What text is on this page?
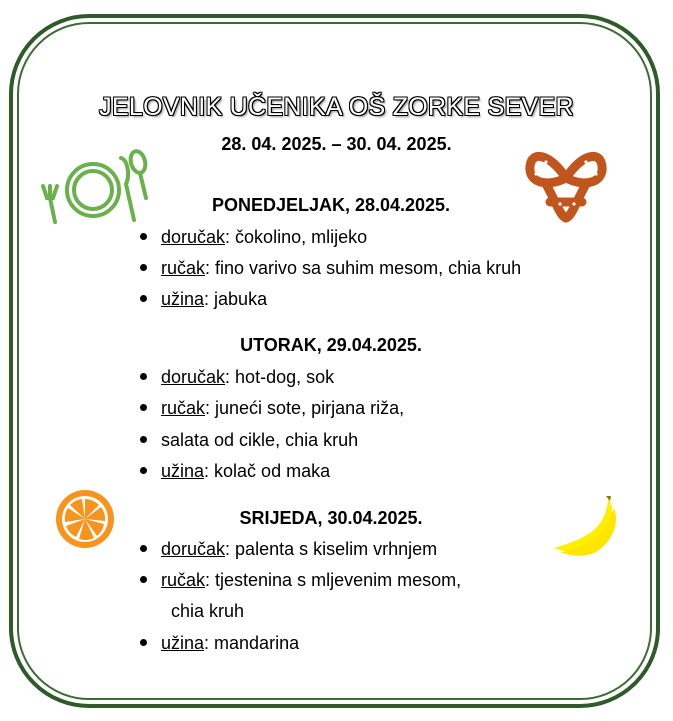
JELOVNIK UČENIKA OŠ ZORKE SEVER
28. 04. 2025. – 30. 04. 2025.
PONEDJELJAK, 28.04.2025.
doručak: čokolino, mlijeko
ručak: fino varivo sa suhim mesom, chia kruh
užina: jabuka
UTORAK, 29.04.2025.
doručak: hot-dog, sok
ručak: juneći sote, pirjana riža,
salata od cikle, chia kruh
užina: kolač od maka
SRIJEDA, 30.04.2025.
doručak: palenta s kiselim vrhnjem
ručak: tjestenina s mljevenim mesom,
chia kruh
užina: mandarina
